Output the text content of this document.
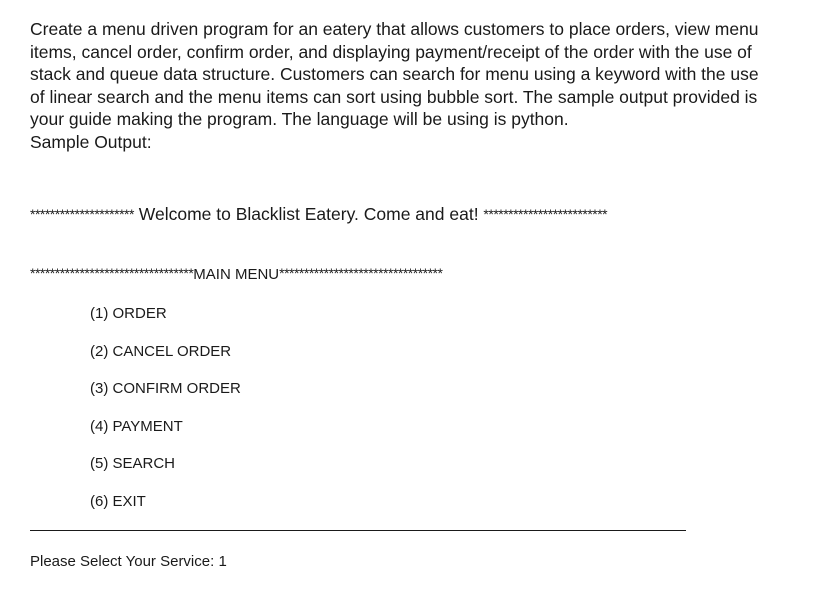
Create a menu driven program for an eatery that allows customers to place orders, view menu
items, cancel order, confirm order, and displaying payment/receipt of the order with the use of
stack and queue data structure. Customers can search for menu using a keyword with the use
of linear search and the menu items can sort using bubble sort. The sample output provided is
your guide making the program. The language will be using is python.
Sample Output:
********************* Welcome to Blacklist Eatery. Come and eat! *************************
*********************************MAIN MENU*********************************
(1) ORDER
(2) CANCEL ORDER
(3) CONFIRM ORDER
(4) PAYMENT
(5) SEARCH
(6) EXIT
Please Select Your Service: 1
